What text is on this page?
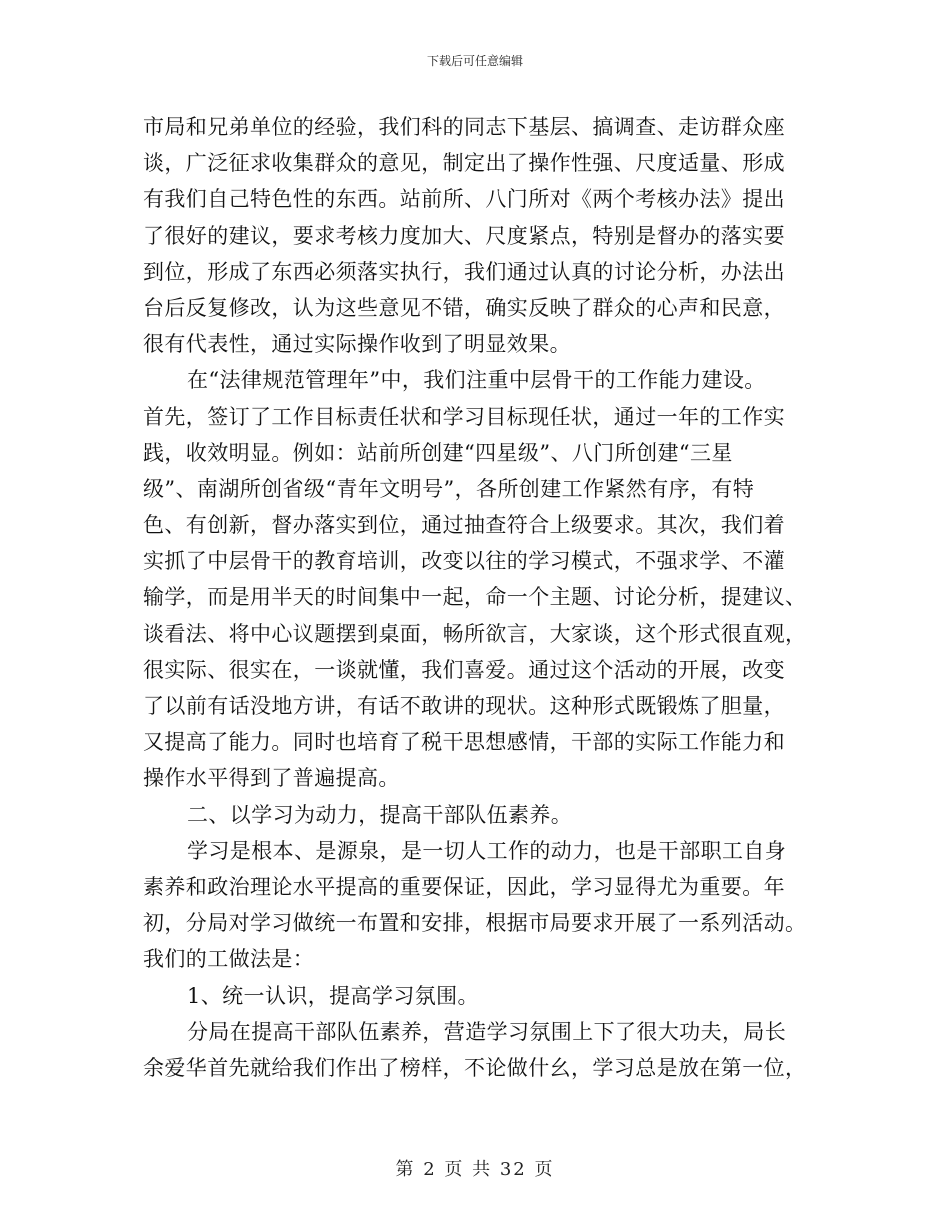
下载后可任意编辑
市局和兄弟单位的经验，我们科的同志下基层、搞调查、走访群众座
谈，广泛征求收集群众的意见，制定出了操作性强、尺度适量、形成
有我们自己特色性的东西。站前所、八门所对《两个考核办法》提出
了很好的建议，要求考核力度加大、尺度紧点，特别是督办的落实要
到位，形成了东西必须落实执行，我们通过认真的讨论分析，办法出
台后反复修改，认为这些意见不错，确实反映了群众的心声和民意，
很有代表性，通过实际操作收到了明显效果。
在“法律规范管理年”中，我们注重中层骨干的工作能力建设。
首先，签订了工作目标责任状和学习目标现任状，通过一年的工作实
践，收效明显。例如：站前所创建“四星级”、八门所创建“三星
级”、南湖所创省级“青年文明号”，各所创建工作紧然有序，有特
色、有创新，督办落实到位，通过抽查符合上级要求。其次，我们着
实抓了中层骨干的教育培训，改变以往的学习模式，不强求学、不灌
输学，而是用半天的时间集中一起，命一个主题、讨论分析，提建议、
谈看法、将中心议题摆到桌面，畅所欲言，大家谈，这个形式很直观，
很实际、很实在，一谈就懂，我们喜爱。通过这个活动的开展，改变
了以前有话没地方讲，有话不敢讲的现状。这种形式既锻炼了胆量，
又提高了能力。同时也培育了税干思想感情，干部的实际工作能力和
操作水平得到了普遍提高。
二、以学习为动力，提高干部队伍素养。
学习是根本、是源泉，是一切人工作的动力，也是干部职工自身
素养和政治理论水平提高的重要保证，因此，学习显得尤为重要。年
初，分局对学习做统一布置和安排，根据市局要求开展了一系列活动。
我们的工做法是：
1、统一认识，提高学习氛围。
分局在提高干部队伍素养，营造学习氛围上下了很大功夫，局长
余爱华首先就给我们作出了榜样，不论做什幺，学习总是放在第一位，
第 2 页 共 32 页
